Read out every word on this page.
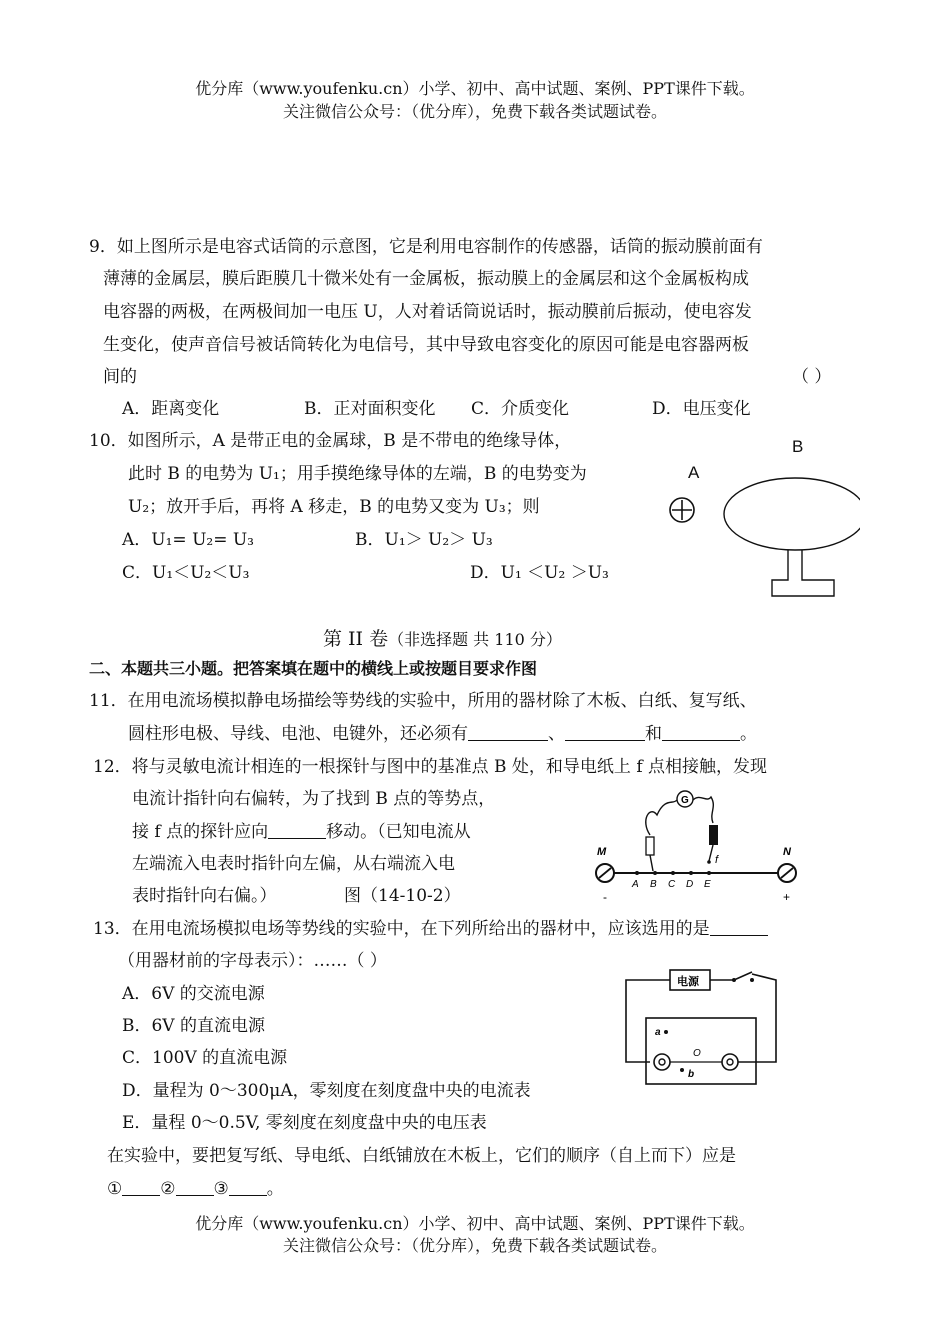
优分库（www.youfenku.cn）小学、初中、高中试题、案例、PPT课件下载。
关注微信公众号：（优分库），免费下载各类试题试卷。
9．如上图所示是电容式话筒的示意图，它是利用电容制作的传感器，话筒的振动膜前面有
薄薄的金属层，膜后距膜几十微米处有一金属板，振动膜上的金属层和这个金属板构成
电容器的两极，在两极间加一电压 U，人对着话筒说话时，振动膜前后振动，使电容发
生变化，使声音信号被话筒转化为电信号，其中导致电容变化的原因可能是电容器两板
间的	（ ）
A．距离变化	B．正对面积变化 C．介质变化	D．电压变化
10．如图所示，A 是带正电的金属球，B 是不带电的绝缘导体，
此时 B 的电势为 U₁；用手摸绝缘导体的左端，B 的电势变为
U₂；放开手后，再将 A 移走，B 的电势又变为 U₃；则
A．U₁= U₂= U₃	B．U₁＞ U₂＞ U₃
C．U₁＜U₂＜U₃	D．U₁ ＜U₂ ＞U₃
A
B
第 II 卷（非选择题 共 110 分）
二、本题共三小题。把答案填在题中的横线上或按题目要求作图
11．在用电流场模拟静电场描绘等势线的实验中，所用的器材除了木板、白纸、复写纸、
圆柱形电极、导线、电池、电键外，还必须有	、	和	。
12．将与灵敏电流计相连的一根探针与图中的基准点 B 处，和导电纸上 f 点相接触，发现
电流计指针向右偏转，为了找到 B 点的等势点，
接 f 点的探针应向	移动。（已知电流从
左端流入电表时指针向左偏，从右端流入电
表时指针向右偏。）	图（14-10-2）
M	N
-	+
A B C D E
G
f
13．在用电流场模拟电场等势线的实验中，在下列所给出的器材中，应该选用的是
（用器材前的字母表示）：……（ ）
A．6V 的交流电源
B．6V 的直流电源
C．100V 的直流电源
D．量程为 0～300μA，零刻度在刻度盘中央的电流表
E．量程 0～0.5V, 零刻度在刻度盘中央的电压表
在实验中，要把复写纸、导电纸、白纸铺放在木板上，它们的顺序（自上而下）应是
① ② ③ 。
电源
a
O
b
优分库（www.youfenku.cn）小学、初中、高中试题、案例、PPT课件下载。
关注微信公众号：（优分库），免费下载各类试题试卷。
